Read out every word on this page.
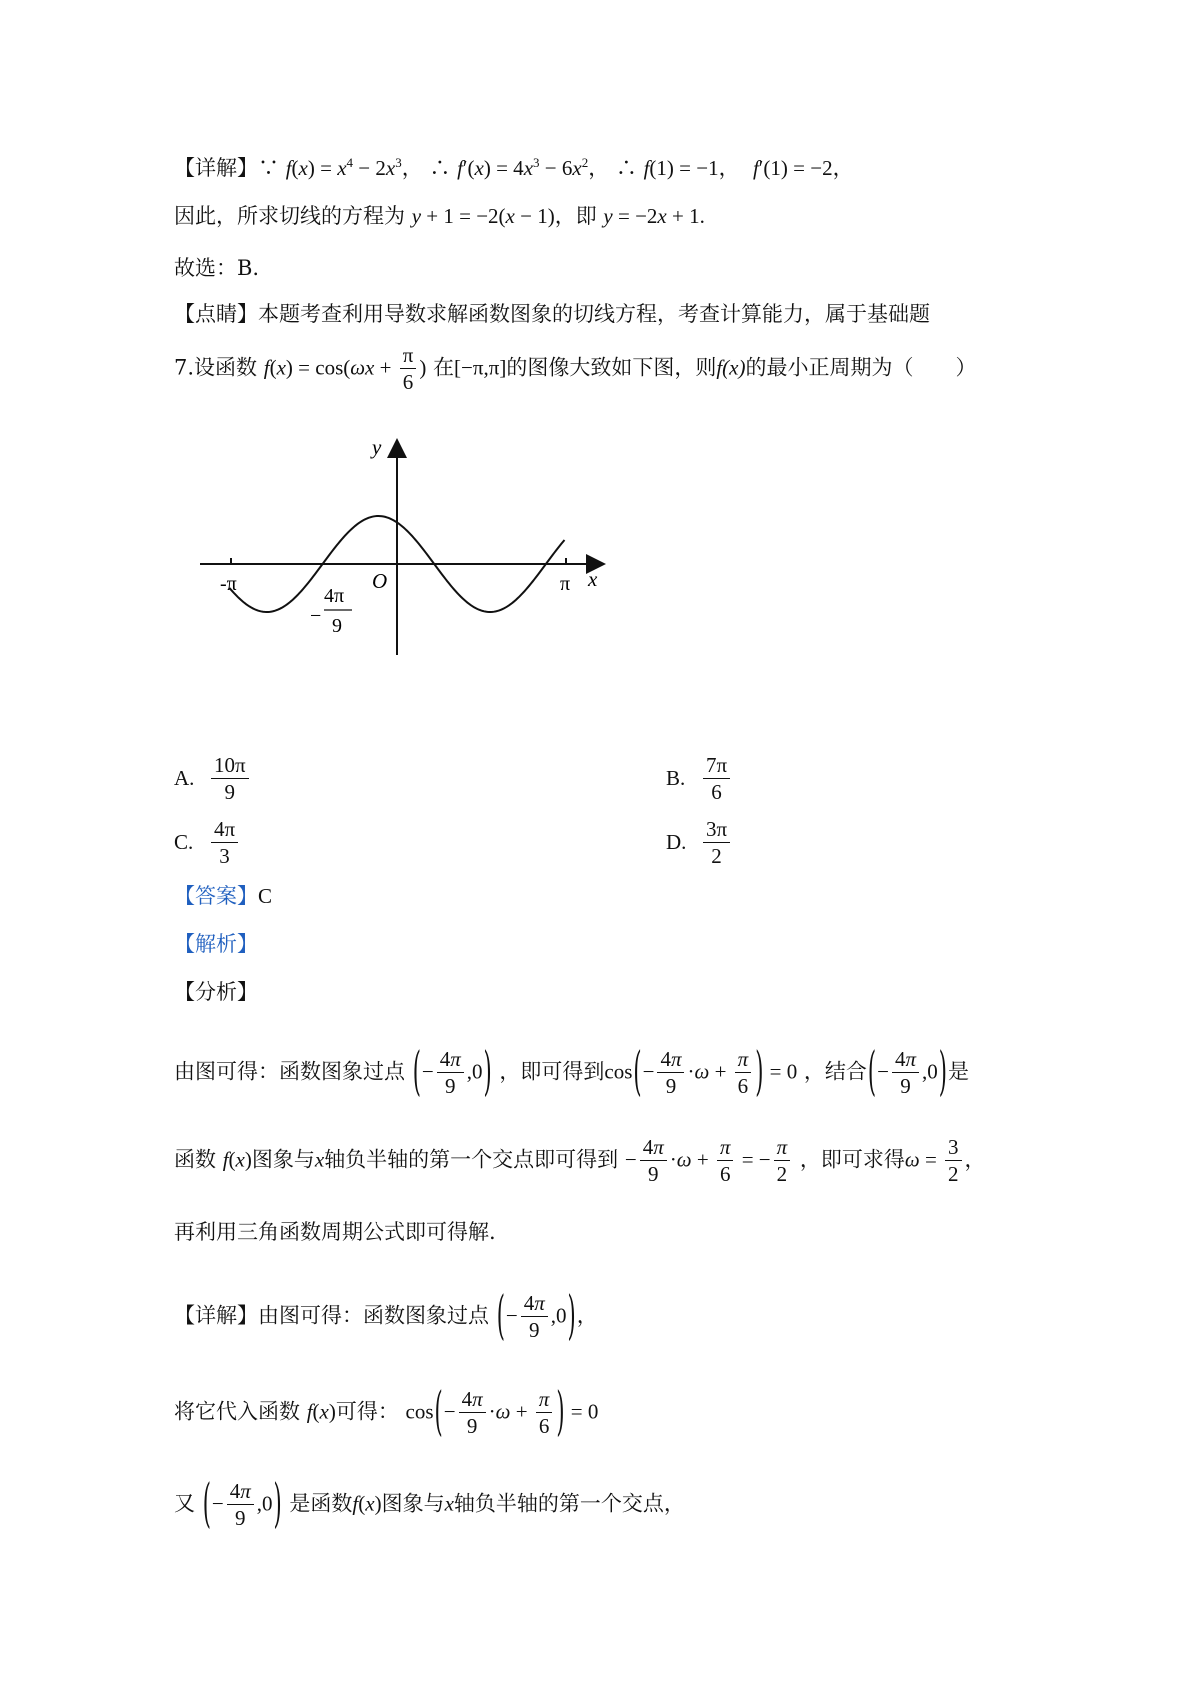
【详解】∵ $f(x) = x^4 - 2x^3$， ∴ $f'(x) = 4x^3 - 6x^2$， ∴ f(1) = −1，  f′(1) = −2，
因此，所求切线的方程为 y + 1 = −2(x − 1)，即 y = −2x + 1.
故选：B.
【点睛】本题考查利用导数求解函数图象的切线方程，考查计算能力，属于基础题
7.设函数 $f(x) = \cos(\omega x + \frac{\pi}{6}$ ) 在[−π,π]的图像大致如下图，则f(x)的最小正周期为（　　）
y
x
O
-π	π
−
4π
9
A. $\frac{10\pi}{9}$	B. $\frac{7\pi}{6}$
C. $\frac{4\pi}{3}$	D. $\frac{3\pi}{2}$
【答案】C
【解析】
【分析】
由图可得：函数图象过点 (− $\frac{4\pi}{9} ,0$) ，即可得到$\cos(- \frac{4\pi}{9} \cdot\omega + \frac{\pi}{6}$ ) = 0 ，结合(− $\frac{4\pi}{9} ,0$)是
函数 f(x)图象与x轴负半轴的第一个交点即可得到 − $\frac{4\pi}{9} \cdot\omega + \frac{\pi}{6}$ = − $\frac{\pi}{2}$ ，即可求得$\omega = \frac{3}{2}$ ，
再利用三角函数周期公式即可得解.
【详解】由图可得：函数图象过点 (− $\frac{4\pi}{9} ,0$)，
将它代入函数 f(x)可得： $\cos(- \frac{4\pi}{9} \cdot\omega + \frac{\pi}{6}$ ) = 0
又 (− $\frac{4\pi}{9} ,0$) 是函数f(x)图象与x轴负半轴的第一个交点，
